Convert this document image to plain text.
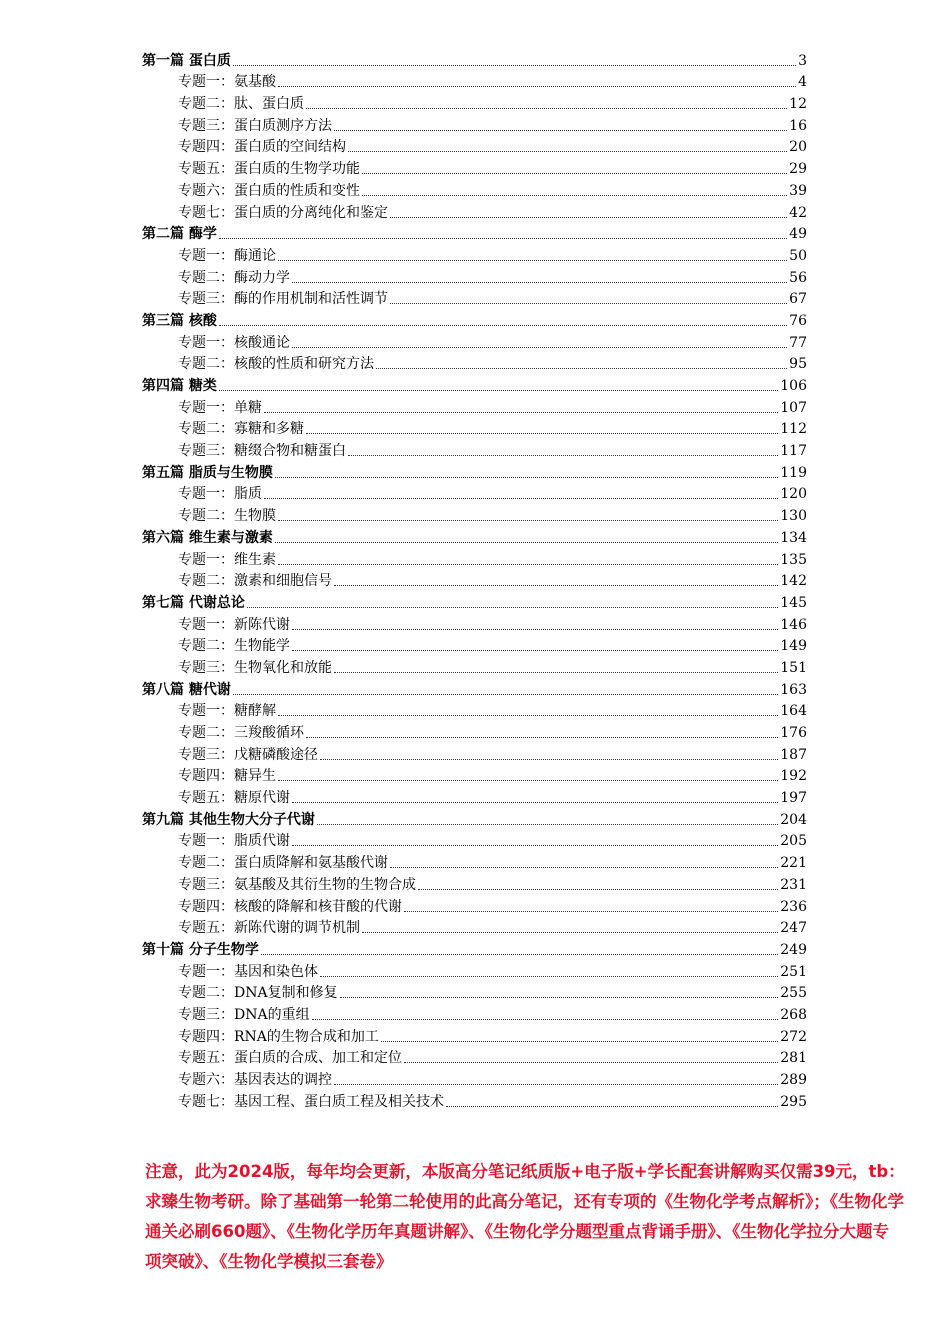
第一篇 蛋白质	3
专题一：氨基酸	4
专题二：肽、蛋白质	12
专题三：蛋白质测序方法	16
专题四：蛋白质的空间结构	20
专题五：蛋白质的生物学功能	29
专题六：蛋白质的性质和变性	39
专题七：蛋白质的分离纯化和鉴定	42
第二篇 酶学	49
专题一：酶通论	50
专题二：酶动力学	56
专题三：酶的作用机制和活性调节	67
第三篇 核酸	76
专题一：核酸通论	77
专题二：核酸的性质和研究方法	95
第四篇 糖类	106
专题一：单糖	107
专题二：寡糖和多糖	112
专题三：糖缀合物和糖蛋白	117
第五篇 脂质与生物膜	119
专题一：脂质	120
专题二：生物膜	130
第六篇 维生素与激素	134
专题一：维生素	135
专题二：激素和细胞信号	142
第七篇 代谢总论	145
专题一：新陈代谢	146
专题二：生物能学	149
专题三：生物氧化和放能	151
第八篇 糖代谢	163
专题一：糖酵解	164
专题二：三羧酸循环	176
专题三：戊糖磷酸途径	187
专题四：糖异生	192
专题五：糖原代谢	197
第九篇 其他生物大分子代谢	204
专题一：脂质代谢	205
专题二：蛋白质降解和氨基酸代谢	221
专题三：氨基酸及其衍生物的生物合成	231
专题四：核酸的降解和核苷酸的代谢	236
专题五：新陈代谢的调节机制	247
第十篇 分子生物学	249
专题一：基因和染色体	251
专题二：DNA复制和修复	255
专题三：DNA的重组	268
专题四：RNA的生物合成和加工	272
专题五：蛋白质的合成、加工和定位	281
专题六：基因表达的调控	289
专题七：基因工程、蛋白质工程及相关技术	295
注意，此为2024版，每年均会更新，本版高分笔记纸质版+电子版+学长配套讲解购买仅需39元，tb：求臻生物考研。除了基础第一轮第二轮使用的此高分笔记，还有专项的《生物化学考点解析》；《生物化学通关必刷660题》、《生物化学历年真题讲解》、《生物化学分题型重点背诵手册》、《生物化学拉分大题专项突破》、《生物化学模拟三套卷》
